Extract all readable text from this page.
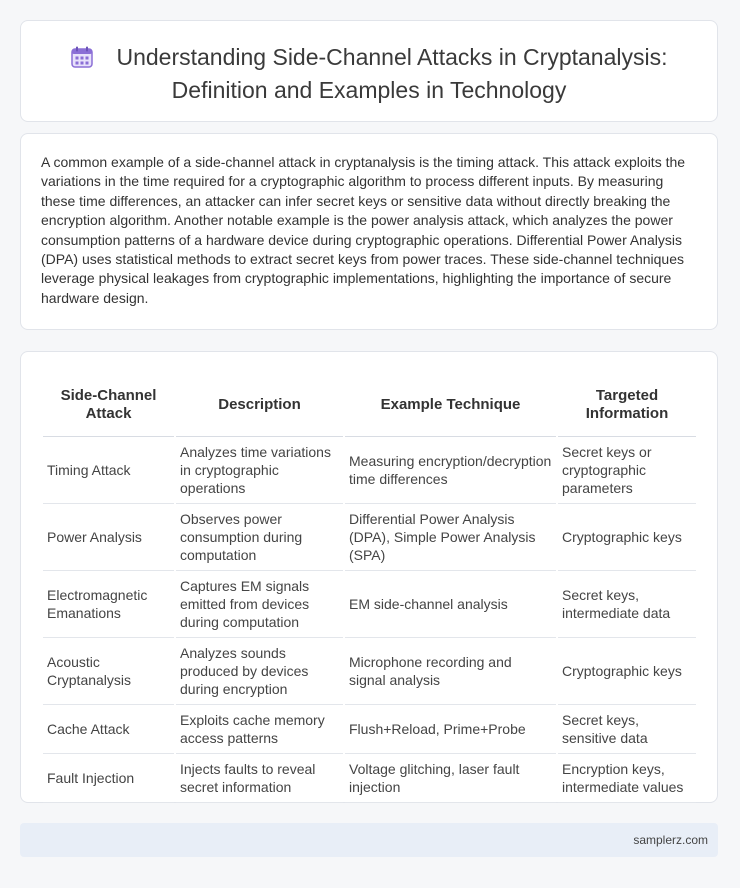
Understanding Side-Channel Attacks in Cryptanalysis:
Definition and Examples in Technology
A common example of a side-channel attack in cryptanalysis is the timing attack. This attack exploits the variations in the time required for a cryptographic algorithm to process different inputs. By measuring these time differences, an attacker can infer secret keys or sensitive data without directly breaking the encryption algorithm. Another notable example is the power analysis attack, which analyzes the power consumption patterns of a hardware device during cryptographic operations. Differential Power Analysis (DPA) uses statistical methods to extract secret keys from power traces. These side-channel techniques leverage physical leakages from cryptographic implementations, highlighting the importance of secure hardware design.
Side-Channel Attack	Description	Example Technique	Targeted Information
Timing Attack	Analyzes time variations in cryptographic operations	Measuring encryption/decryption time differences	Secret keys or cryptographic parameters
Power Analysis	Observes power consumption during computation	Differential Power Analysis (DPA), Simple Power Analysis (SPA)	Cryptographic keys
Electromagnetic Emanations	Captures EM signals emitted from devices during computation	EM side-channel analysis	Secret keys, intermediate data
Acoustic Cryptanalysis	Analyzes sounds produced by devices during encryption	Microphone recording and signal analysis	Cryptographic keys
Cache Attack	Exploits cache memory access patterns	Flush+Reload, Prime+Probe	Secret keys, sensitive data
Fault Injection	Injects faults to reveal secret information	Voltage glitching, laser fault injection	Encryption keys, intermediate values
samplerz.com
